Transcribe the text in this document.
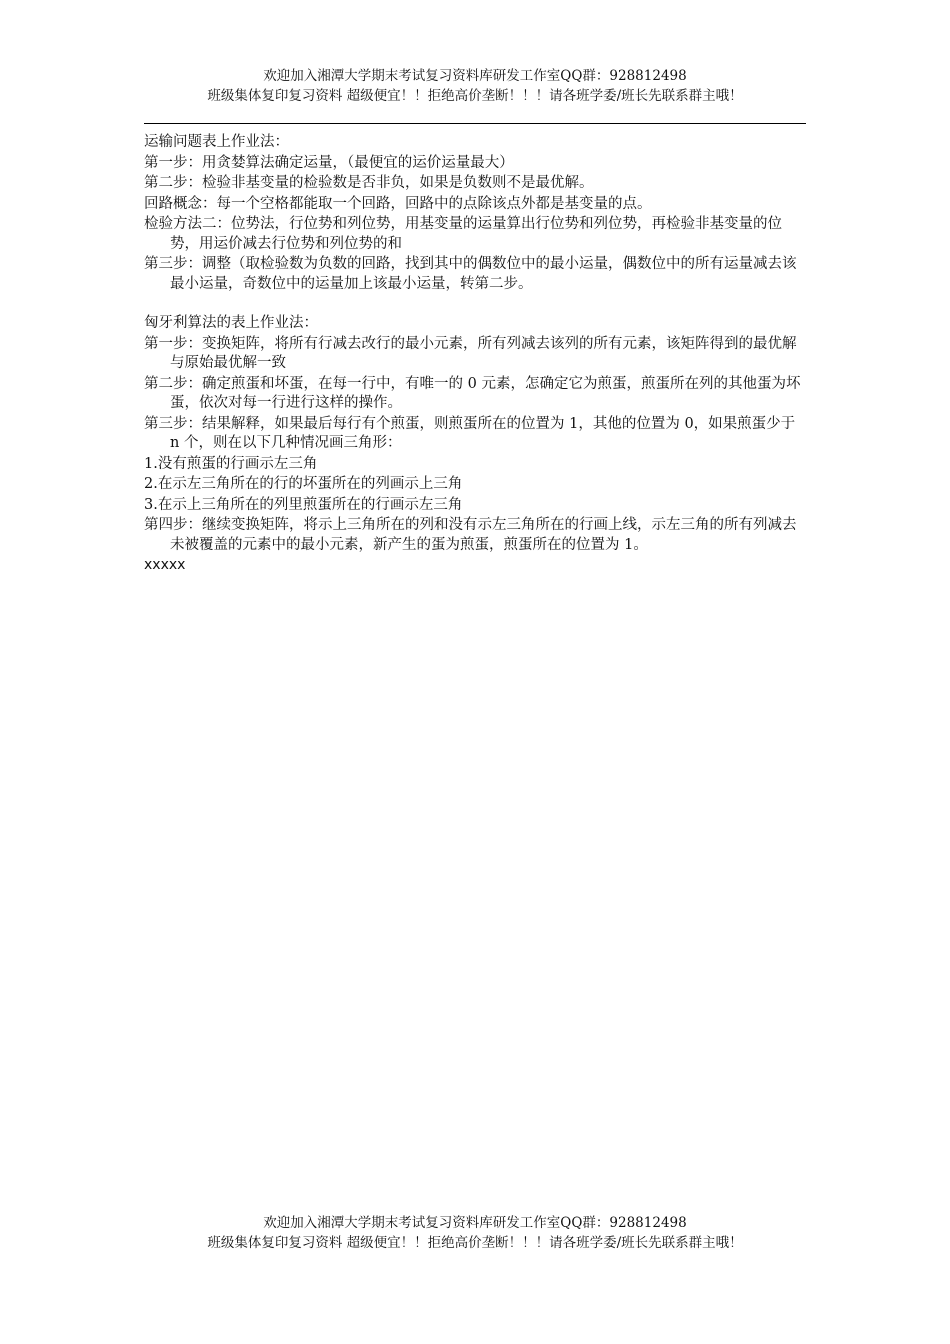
欢迎加入湘潭大学期末考试复习资料库研发工作室QQ群：928812498
班级集体复印复习资料 超级便宜！！拒绝高价垄断！！！请各班学委/班长先联系群主哦！

运输问题表上作业法：

第一步：用贪婪算法确定运量，（最便宜的运价运量最大）

第二步：检验非基变量的检验数是否非负，如果是负数则不是最优解。

回路概念：每一个空格都能取一个回路，回路中的点除该点外都是基变量的点。

检验方法二：位势法，行位势和列位势，用基变量的运量算出行位势和列位势，再检验非基变量的位势，用运价减去行位势和列位势的和

第三步：调整（取检验数为负数的回路，找到其中的偶数位中的最小运量，偶数位中的所有运量减去该最小运量，奇数位中的运量加上该最小运量，转第二步。

匈牙利算法的表上作业法：

第一步：变换矩阵，将所有行减去改行的最小元素，所有列减去该列的所有元素，该矩阵得到的最优解与原始最优解一致

第二步：确定煎蛋和坏蛋，在每一行中，有唯一的 0 元素，怎确定它为煎蛋，煎蛋所在列的其他蛋为坏蛋，依次对每一行进行这样的操作。

第三步：结果解释，如果最后每行有个煎蛋，则煎蛋所在的位置为 1，其他的位置为 0，如果煎蛋少于 n 个，则在以下几种情况画三角形：

1.没有煎蛋的行画示左三角

2.在示左三角所在的行的坏蛋所在的列画示上三角

3.在示上三角所在的列里煎蛋所在的行画示左三角

第四步：继续变换矩阵，将示上三角所在的列和没有示左三角所在的行画上线，示左三角的所有列减去未被覆盖的元素中的最小元素，新产生的蛋为煎蛋，煎蛋所在的位置为 1。

xxxxx

欢迎加入湘潭大学期末考试复习资料库研发工作室QQ群：928812498
班级集体复印复习资料 超级便宜！！拒绝高价垄断！！！请各班学委/班长先联系群主哦！
